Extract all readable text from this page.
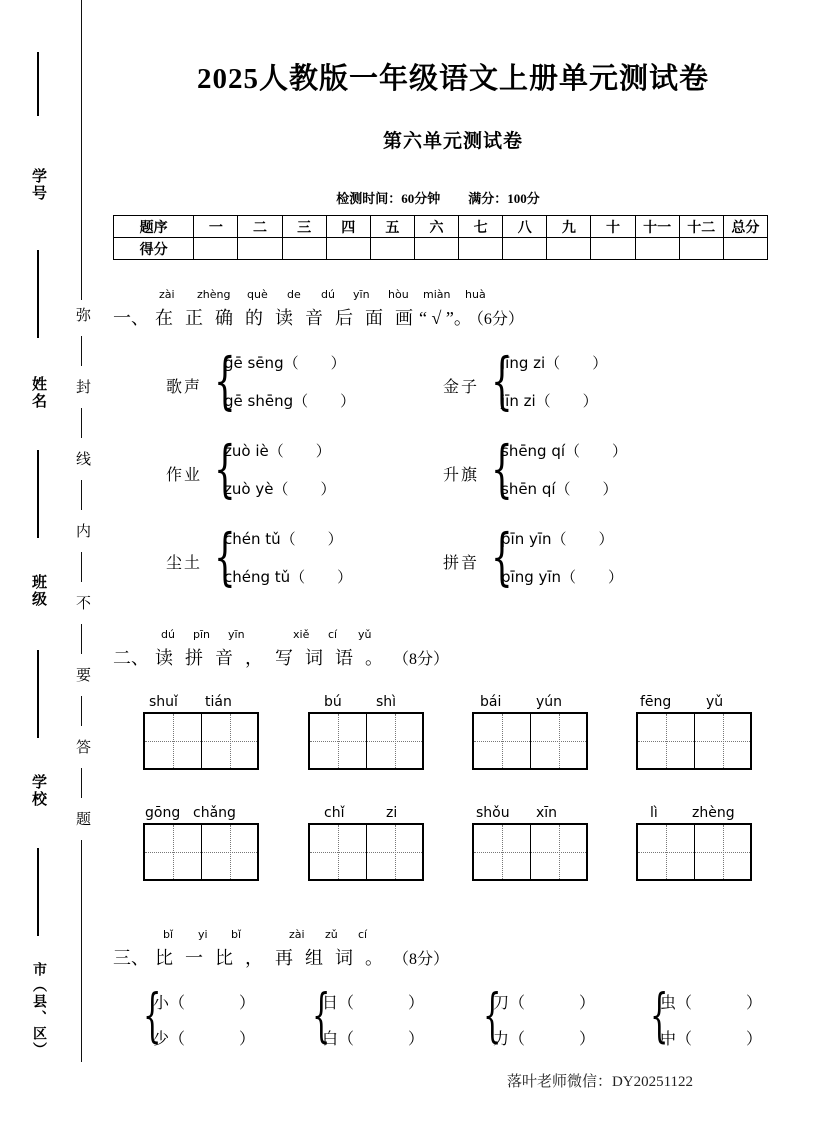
学号
姓名
班级
学校
市（县、区）
弥
封
线
内
不
要
答
题
2025人教版一年级语文上册单元测试卷
第六单元测试卷
检测时间：60分钟 满分：100分
题序	一	二	三	四	五	六	七	八	九	十	十一	十二	总分
得分													
zài zhèng què de dú yīn hòu miàn huà
一、 在 正 确 的 读 音 后 面 画 “ √ ”。 （6分）
歌声 {
gē sēng（ ）
gē shēng（ ）
金子 {
jīng zi（ ）
jīn zi（ ）
作业 {
zuò iè（ ）
zuò yè（ ）
升旗 {
shēng qí（ ）
shēn qí（ ）
尘土 {
chén tǔ（ ）
chéng tǔ（ ）
拼音 {
pīn yīn（ ）
pīng yīn（ ）
dú pīn yīn	xiě cí yǔ
二、 读 拼 音 ， 写 词 语 。 （8分）
shuǐ tián	bú shì	bái yún	fēng yǔ
gōng chǎng	chǐ	zi	shǒu xīn	lì zhèng
bǐ yi bǐ	zài zǔ cí
三、 比 一 比 ， 再 组 词 。 （8分）
{
小（	）
少（	） {
日（	）
白（	） {
刀（	）
力（	） {
虫（	）
中（	）
落叶老师微信：DY20251122
